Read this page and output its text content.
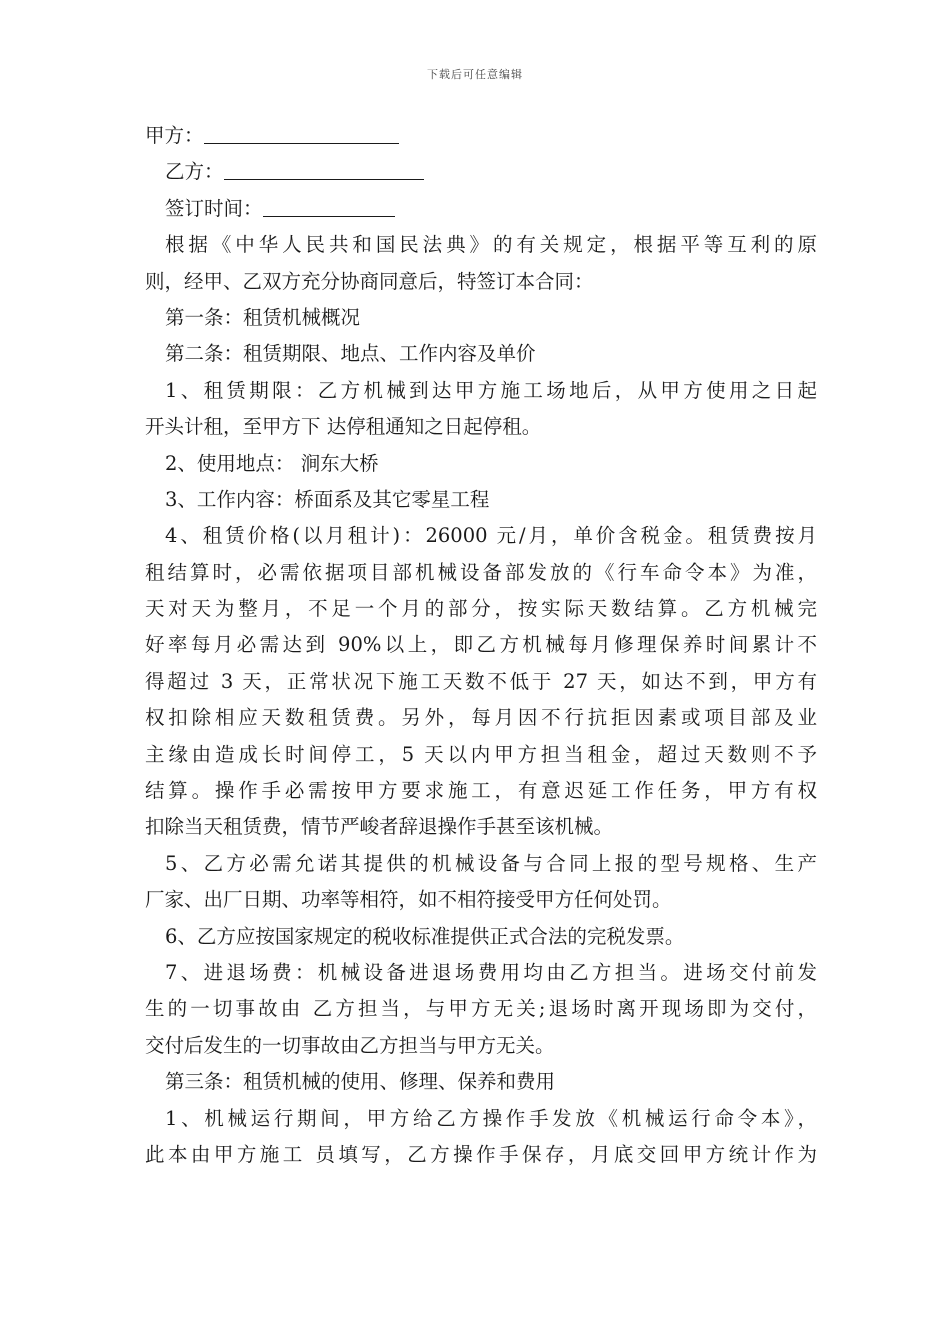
下载后可任意编辑
甲方：
乙方：
签订时间：
根据《中华人民共和国民法典》的有关规定，根据平等互利的原
则，经甲、乙双方充分协商同意后，特签订本合同：
第一条：租赁机械概况
第二条：租赁期限、地点、工作内容及单价
1、租赁期限：乙方机械到达甲方施工场地后，从甲方使用之日起
开头计租，至甲方下 达停租通知之日起停租。
2、使用地点： 涧东大桥
3、工作内容：桥面系及其它零星工程
4、租赁价格(以月租计)：26000 元/月，单价含税金。租赁费按月
租结算时，必需依据项目部机械设备部发放的《行车命令本》为准，
天对天为整月，不足一个月的部分，按实际天数结算。乙方机械完
好率每月必需达到 90%以上，即乙方机械每月修理保养时间累计不
得超过 3 天，正常状况下施工天数不低于 27 天，如达不到，甲方有
权扣除相应天数租赁费。另外，每月因不行抗拒因素或项目部及业
主缘由造成长时间停工，5 天以内甲方担当租金，超过天数则不予
结算。操作手必需按甲方要求施工，有意迟延工作任务，甲方有权
扣除当天租赁费，情节严峻者辞退操作手甚至该机械。
5、乙方必需允诺其提供的机械设备与合同上报的型号规格、生产
厂家、出厂日期、功率等相符，如不相符接受甲方任何处罚。
6、乙方应按国家规定的税收标准提供正式合法的完税发票。
7、进退场费：机械设备进退场费用均由乙方担当。进场交付前发
生的一切事故由 乙方担当，与甲方无关;退场时离开现场即为交付，
交付后发生的一切事故由乙方担当与甲方无关。
第三条：租赁机械的使用、修理、保养和费用
1、机械运行期间，甲方给乙方操作手发放《机械运行命令本》，
此本由甲方施工 员填写，乙方操作手保存，月底交回甲方统计作为
